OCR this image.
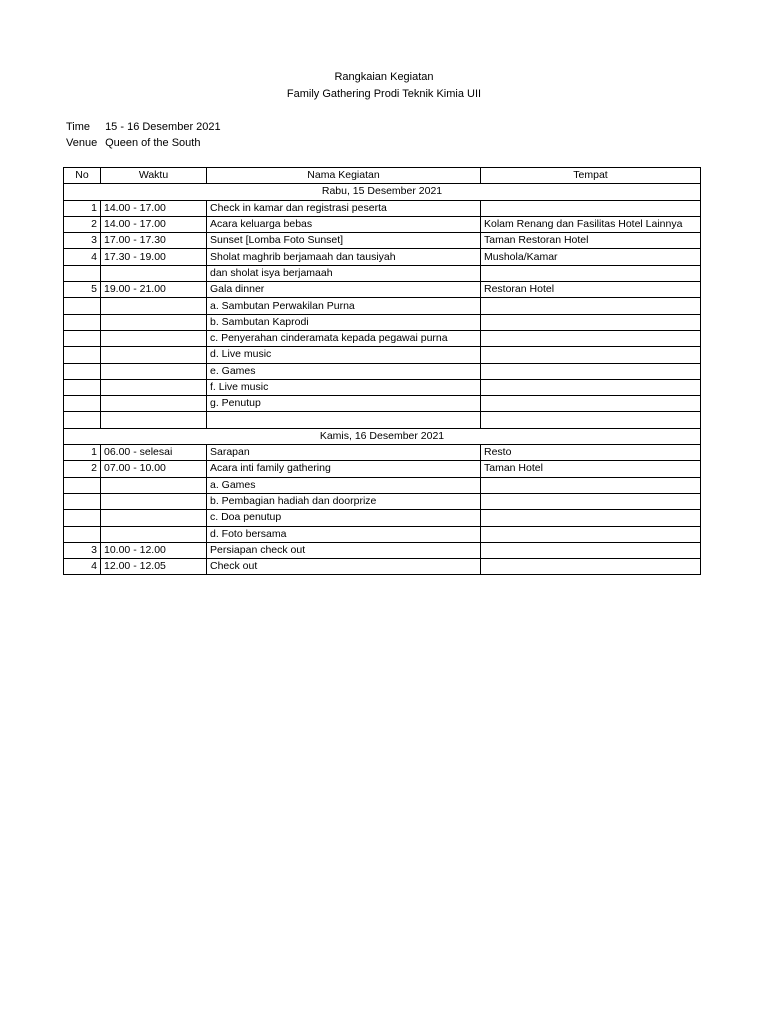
Rangkaian Kegiatan
Family Gathering Prodi Teknik Kimia UII
Time 15 - 16 Desember 2021
Venue Queen of the South
No	Waktu	Nama Kegiatan	Tempat
Rabu, 15 Desember 2021			
1	14.00 - 17.00	Check in kamar dan registrasi peserta	
2	14.00 - 17.00	Acara keluarga bebas	Kolam Renang dan Fasilitas Hotel Lainnya
3	17.00 - 17.30	Sunset [Lomba Foto Sunset]	Taman Restoran Hotel
4	17.30 - 19.00	Sholat maghrib berjamaah dan tausiyah	Mushola/Kamar
		dan sholat isya berjamaah	
5	19.00 - 21.00	Gala dinner	Restoran Hotel
		a. Sambutan Perwakilan Purna	
		b. Sambutan Kaprodi	
		c. Penyerahan cinderamata kepada pegawai purna	
		d. Live music	
		e. Games	
		f. Live music	
		g. Penutup	

Kamis, 16 Desember 2021			
1	06.00 - selesai	Sarapan	Resto
2	07.00 - 10.00	Acara inti family gathering	Taman Hotel
		a. Games	
		b. Pembagian hadiah dan doorprize	
		c. Doa penutup	
		d. Foto bersama	
3	10.00 - 12.00	Persiapan check out	
4	12.00 - 12.05	Check out	
